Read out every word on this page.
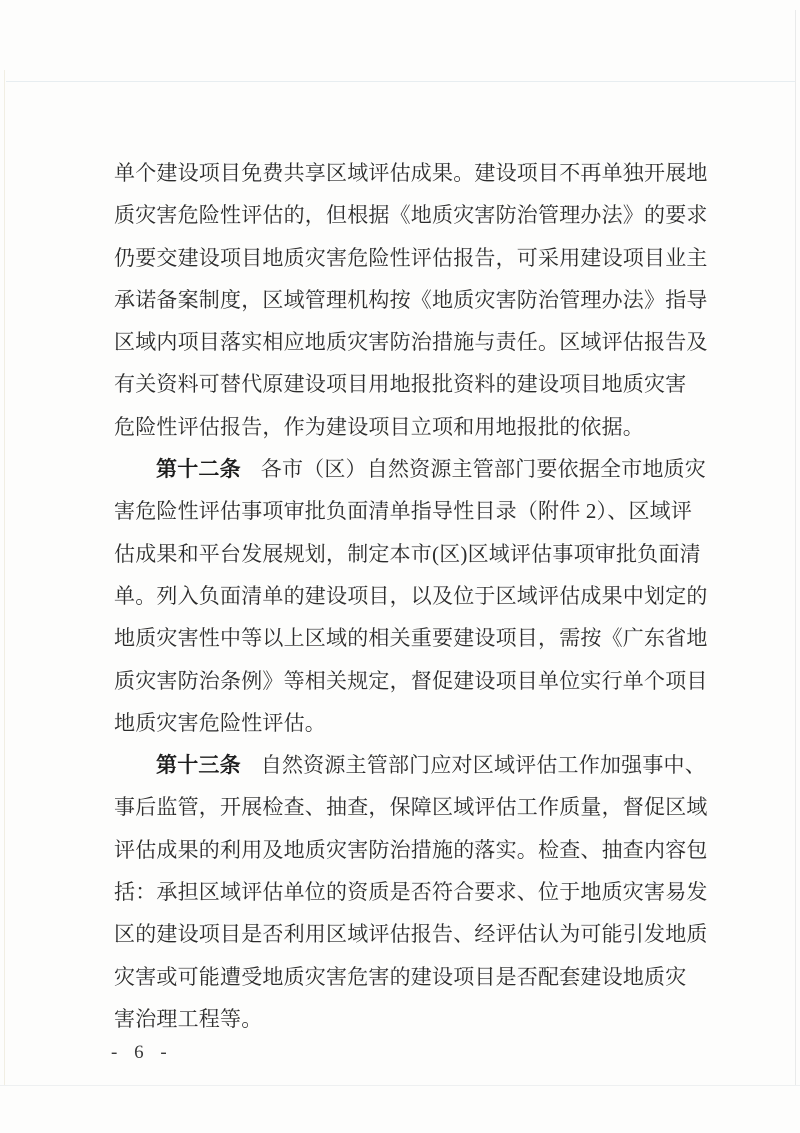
单个建设项目免费共享区域评估成果。建设项目不再单独开展地
质灾害危险性评估的，但根据《地质灾害防治管理办法》的要求
仍要交建设项目地质灾害危险性评估报告，可采用建设项目业主
承诺备案制度，区域管理机构按《地质灾害防治管理办法》指导
区域内项目落实相应地质灾害防治措施与责任。区域评估报告及
有关资料可替代原建设项目用地报批资料的建设项目地质灾害
危险性评估报告，作为建设项目立项和用地报批的依据。
第十二条 各市（区）自然资源主管部门要依据全市地质灾
害危险性评估事项审批负面清单指导性目录（附件 2）、区域评
估成果和平台发展规划，制定本市(区)区域评估事项审批负面清
单。列入负面清单的建设项目，以及位于区域评估成果中划定的
地质灾害性中等以上区域的相关重要建设项目，需按《广东省地
质灾害防治条例》等相关规定，督促建设项目单位实行单个项目
地质灾害危险性评估。
第十三条 自然资源主管部门应对区域评估工作加强事中、
事后监管，开展检查、抽查，保障区域评估工作质量，督促区域
评估成果的利用及地质灾害防治措施的落实。检查、抽查内容包
括：承担区域评估单位的资质是否符合要求、位于地质灾害易发
区的建设项目是否利用区域评估报告、经评估认为可能引发地质
灾害或可能遭受地质灾害危害的建设项目是否配套建设地质灾
害治理工程等。
- 6 -
